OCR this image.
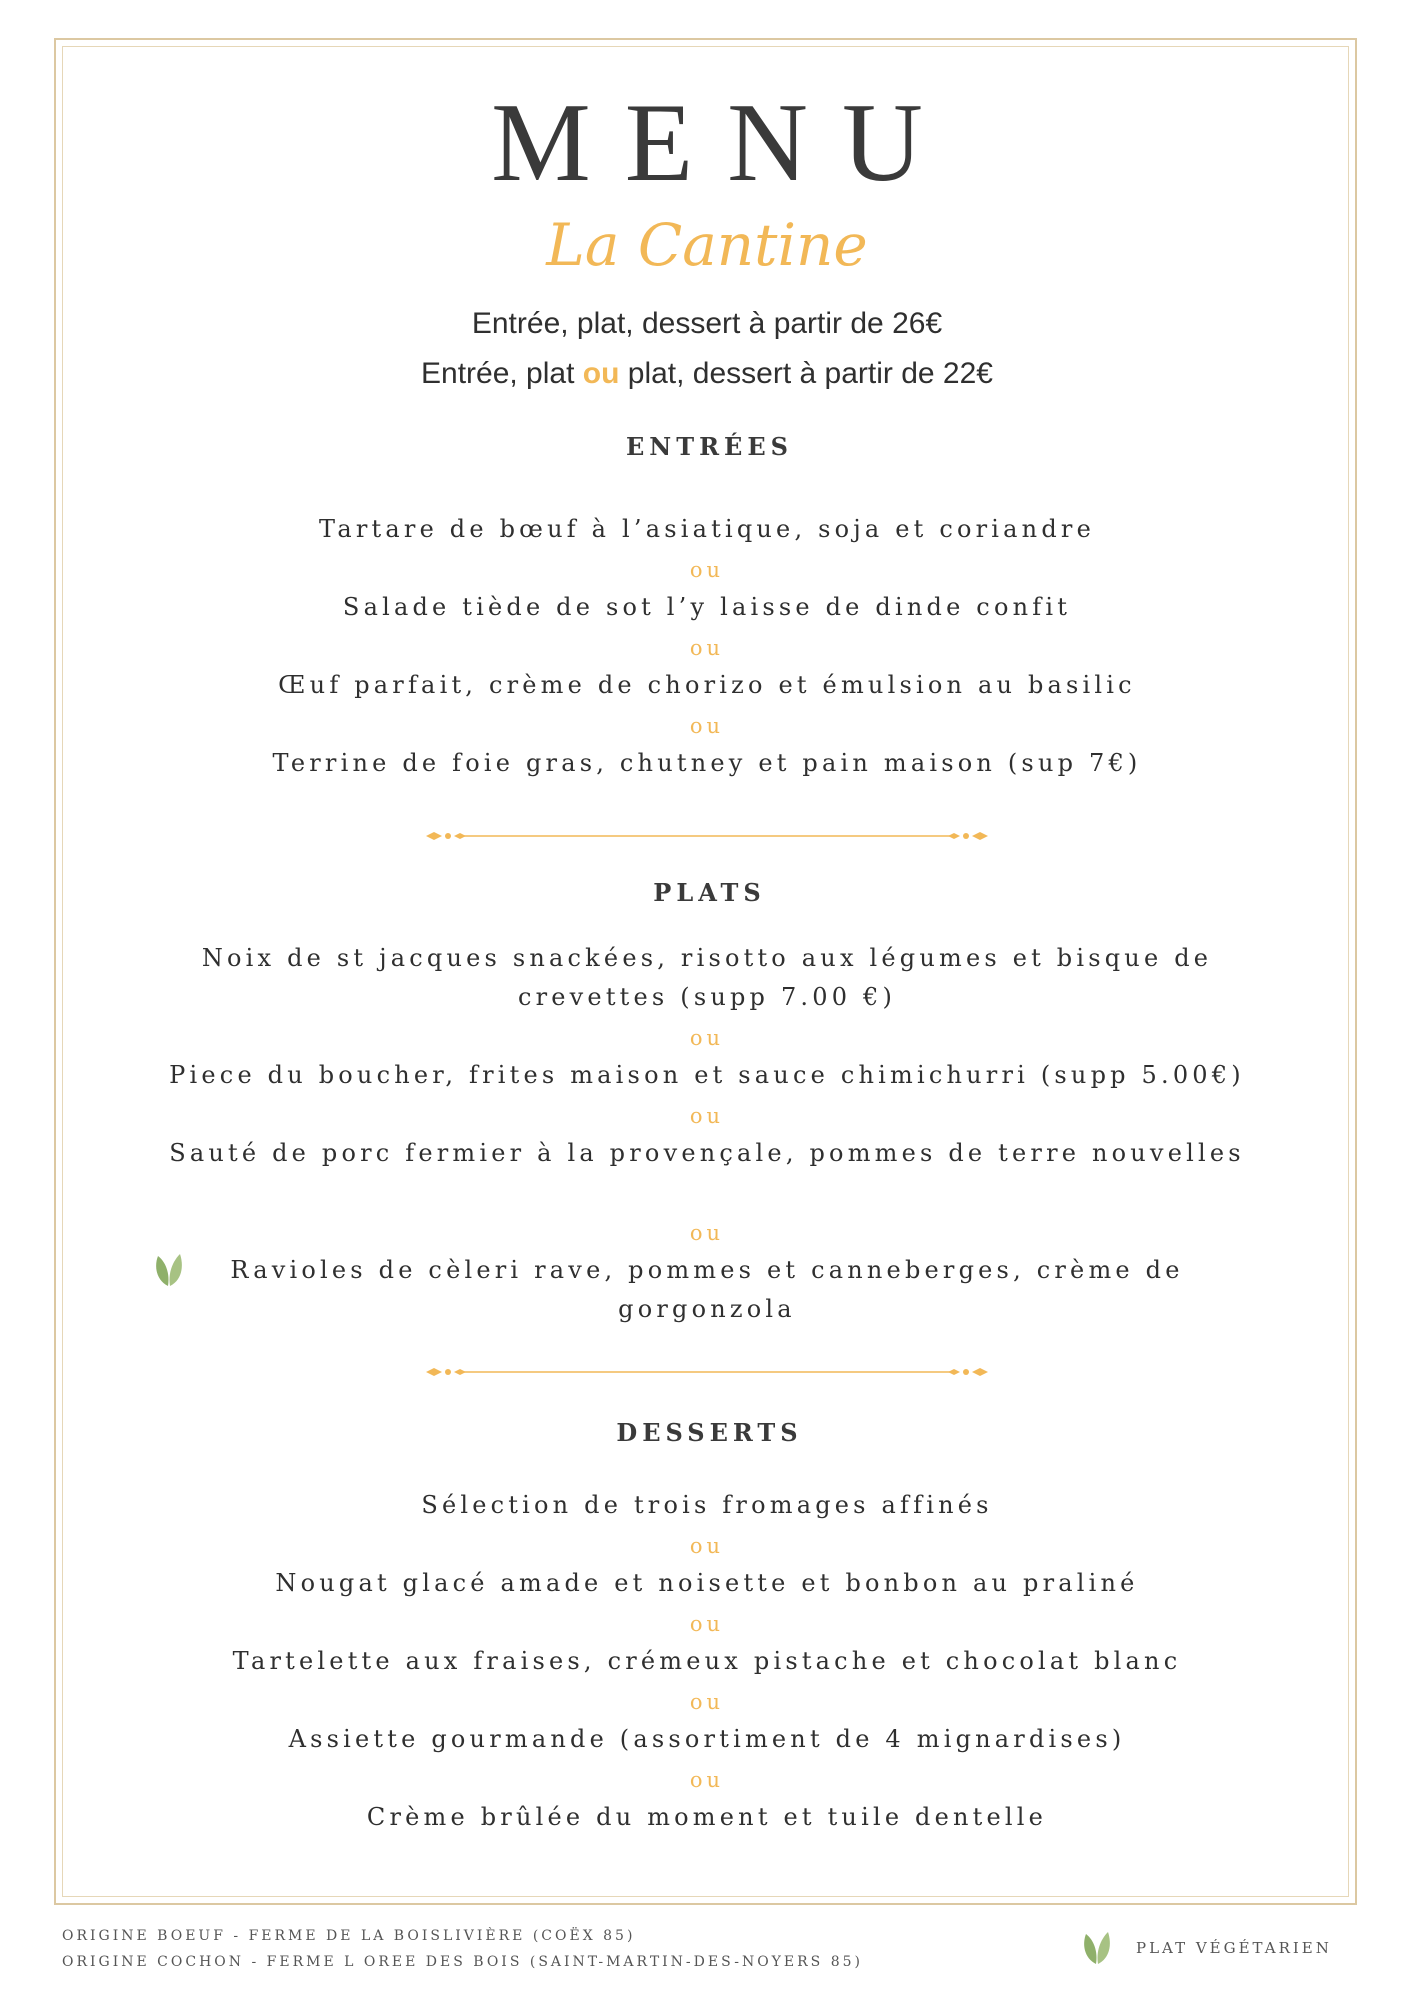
MENU
La Cantine
Entrée, plat, dessert à partir de 26€
Entrée, plat ou plat, dessert à partir de 22€
ENTRÉES
Tartare de bœuf à l’asiatique, soja et coriandre
ou
Salade tiède de sot l’y laisse de dinde confit
ou
Œuf parfait, crème de chorizo et émulsion au basilic
ou
Terrine de foie gras, chutney et pain maison (sup 7€)
PLATS
Noix de st jacques snackées, risotto aux légumes et bisque de crevettes (supp 7.00 €)
ou
Piece du boucher, frites maison et sauce chimichurri (supp 5.00€)
ou
Sauté de porc fermier à la provençale, pommes de terre nouvelles
ou
Ravioles de cèleri rave, pommes et canneberges, crème de gorgonzola
DESSERTS
Sélection de trois fromages affinés
ou
Nougat glacé amade et noisette et bonbon au praliné
ou
Tartelette aux fraises, crémeux pistache et chocolat blanc
ou
Assiette gourmande (assortiment de 4 mignardises)
ou
Crème brûlée du moment et tuile dentelle
ORIGINE BOEUF - FERME DE LA BOISLIVIÈRE (COËX 85)
ORIGINE COCHON - FERME L OREE DES BOIS (SAINT-MARTIN-DES-NOYERS 85)
PLAT VÉGÉTARIEN
